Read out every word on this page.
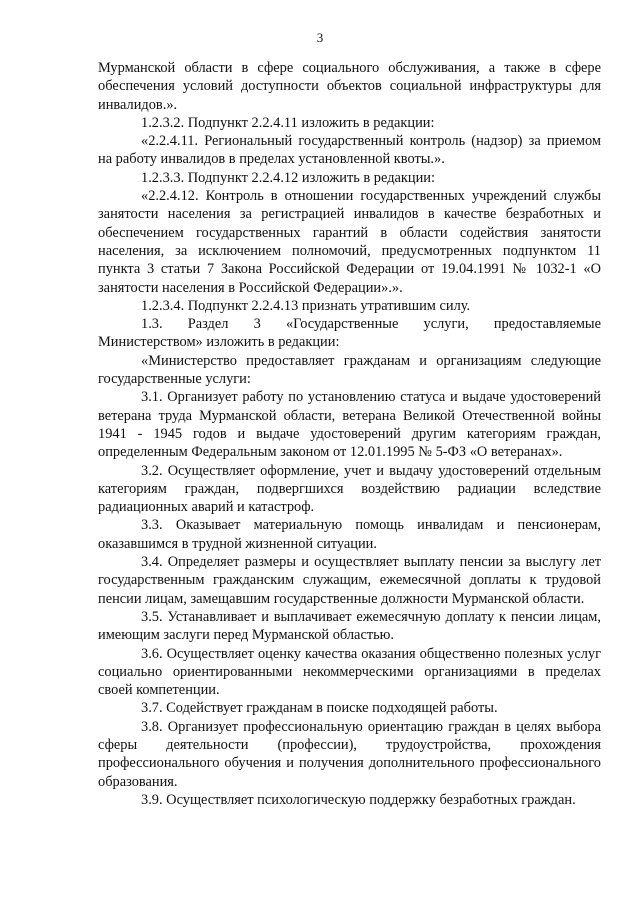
3

Мурманской области в сфере социального обслуживания, а также в сфере обеспечения условий доступности объектов социальной инфраструктуры для инвалидов.».

1.2.3.2. Подпункт 2.2.4.11 изложить в редакции:

«2.2.4.11. Региональный государственный контроль (надзор) за приемом на работу инвалидов в пределах установленной квоты.».

1.2.3.3. Подпункт 2.2.4.12 изложить в редакции:

«2.2.4.12. Контроль в отношении государственных учреждений службы занятости населения за регистрацией инвалидов в качестве безработных и обеспечением государственных гарантий в области содействия занятости населения, за исключением полномочий, предусмотренных подпунктом 11 пункта 3 статьи 7 Закона Российской Федерации от 19.04.1991 № 1032-1 «О занятости населения в Российской Федерации».».

1.2.3.4. Подпункт 2.2.4.13 признать утратившим силу.

1.3. Раздел 3 «Государственные услуги, предоставляемые Министерством» изложить в редакции:

«Министерство предоставляет гражданам и организациям следующие государственные услуги:

3.1. Организует работу по установлению статуса и выдаче удостоверений ветерана труда Мурманской области, ветерана Великой Отечественной войны 1941 - 1945 годов и выдаче удостоверений другим категориям граждан, определенным Федеральным законом от 12.01.1995 № 5-ФЗ «О ветеранах».

3.2. Осуществляет оформление, учет и выдачу удостоверений отдельным категориям граждан, подвергшихся воздействию радиации вследствие радиационных аварий и катастроф.

3.3. Оказывает материальную помощь инвалидам и пенсионерам, оказавшимся в трудной жизненной ситуации.

3.4. Определяет размеры и осуществляет выплату пенсии за выслугу лет государственным гражданским служащим, ежемесячной доплаты к трудовой пенсии лицам, замещавшим государственные должности Мурманской области.

3.5. Устанавливает и выплачивает ежемесячную доплату к пенсии лицам, имеющим заслуги перед Мурманской областью.

3.6. Осуществляет оценку качества оказания общественно полезных услуг социально ориентированными некоммерческими организациями в пределах своей компетенции.

3.7. Содействует гражданам в поиске подходящей работы.

3.8. Организует профессиональную ориентацию граждан в целях выбора сферы деятельности (профессии), трудоустройства, прохождения профессионального обучения и получения дополнительного профессионального образования.

3.9. Осуществляет психологическую поддержку безработных граждан.
